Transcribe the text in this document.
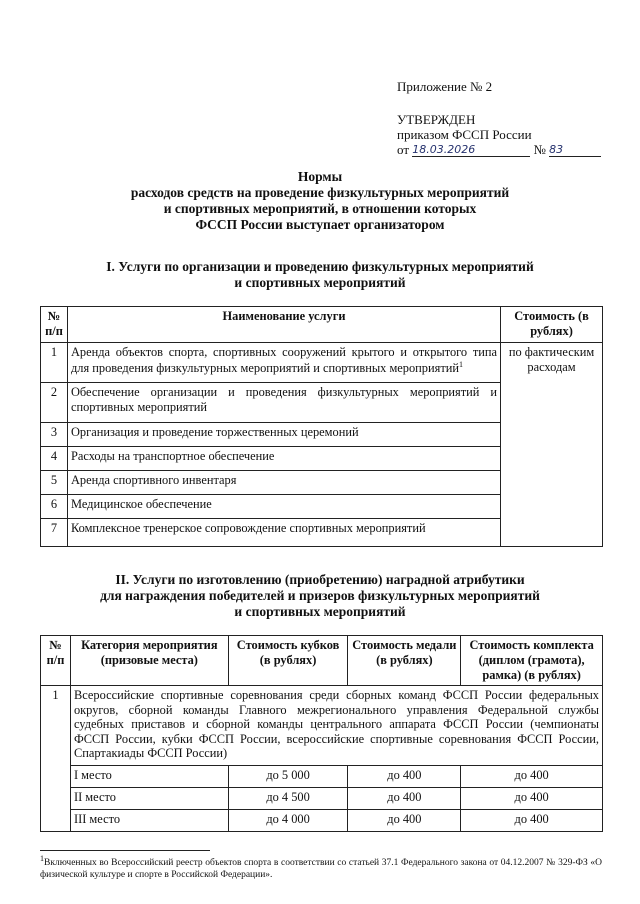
Приложение № 2
УТВЕРЖДЕН
приказом ФССП России
от
18.03.2026
	№
83
Нормы
расходов средств на проведение физкультурных мероприятий
и спортивных мероприятий, в отношении которых
ФССП России выступает организатором
I. Услуги по организации и проведению физкультурных мероприятий
и спортивных мероприятий
№ п/п	Наименование услуги	Стоимость (в рублях)
1	Аренда объектов спорта, спортивных сооружений крытого и открытого типа для проведения физкультурных мероприятий и спортивных мероприятий$^1$	по фактическим расходам
2	Обеспечение организации и проведения физкультурных мероприятий и спортивных мероприятий	
3	Организация и проведение торжественных церемоний	
4	Расходы на транспортное обеспечение	
5	Аренда спортивного инвентаря	
6	Медицинское обеспечение	
7	Комплексное тренерское сопровождение спортивных мероприятий	
II. Услуги по изготовлению (приобретению) наградной атрибутики
для награждения победителей и призеров физкультурных мероприятий
и спортивных мероприятий
№ п/п	Категория мероприятия (призовые места)	Стоимость кубков (в рублях)	Стоимость медали (в рублях)	Стоимость комплекта (диплом (грамота), рамка) (в рублях)
1	Всероссийские спортивные соревнования среди сборных команд ФССП России федеральных округов, сборной команды Главного межрегионального управления Федеральной службы судебных приставов и сборной команды центрального аппарата ФССП России (чемпионаты ФССП России, кубки ФССП России, всероссийские спортивные соревнования ФССП России, Спартакиады ФССП России)			
	I место	до 5 000	до 400	до 400
	II место	до 4 500	до 400	до 400
	III место	до 4 000	до 400	до 400
$^1$Включенных во Всероссийский реестр объектов спорта в соответствии со статьей 37.1 Федерального закона от 04.12.2007 № 329-ФЗ «О физической культуре и спорте в Российской Федерации».
